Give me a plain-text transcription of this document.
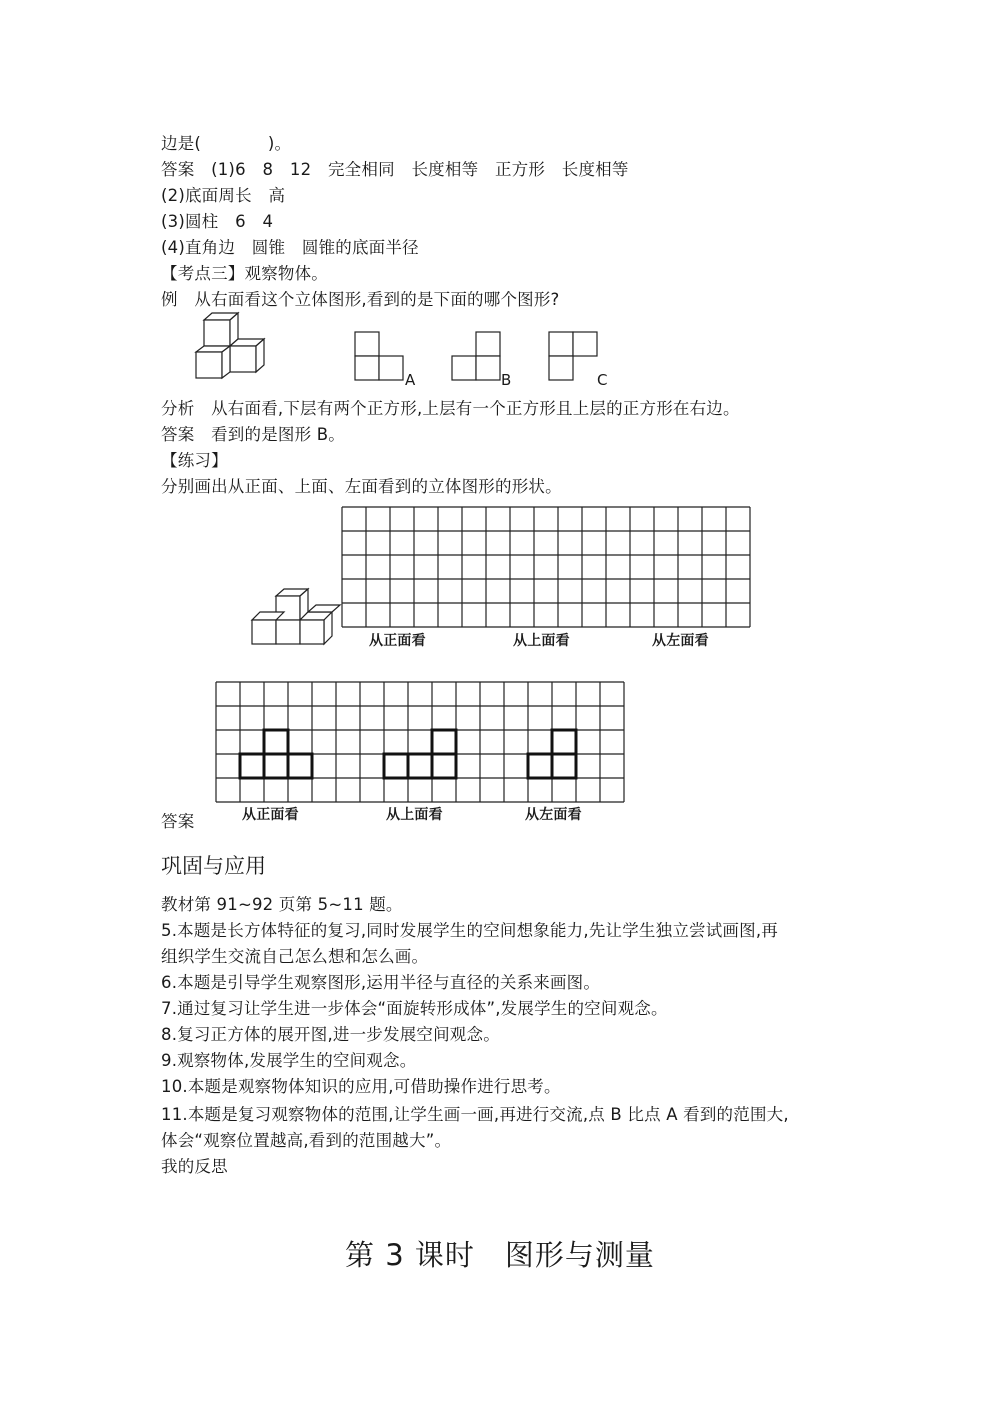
边是(　　　　)。
答案　(1)6　8　12　完全相同　长度相等　正方形　长度相等
(2)底面周长　高
(3)圆柱　6　4
(4)直角边　圆锥　圆锥的底面半径
【考点三】观察物体。
例　从右面看这个立体图形,看到的是下面的哪个图形?
A	B	C
分析　从右面看,下层有两个正方形,上层有一个正方形且上层的正方形在右边。
答案　看到的是图形 B。
【练习】
分别画出从正面、上面、左面看到的立体图形的形状。
从正面看	从上面看	从左面看
答案	从正面看	从上面看	从左面看
巩固与应用
教材第 91~92 页第 5~11 题。
5.本题是长方体特征的复习,同时发展学生的空间想象能力,先让学生独立尝试画图,再
组织学生交流自己怎么想和怎么画。
6.本题是引导学生观察图形,运用半径与直径的关系来画图。
7.通过复习让学生进一步体会“面旋转形成体”,发展学生的空间观念。
8.复习正方体的展开图,进一步发展空间观念。
9.观察物体,发展学生的空间观念。
10.本题是观察物体知识的应用,可借助操作进行思考。
11.本题是复习观察物体的范围,让学生画一画,再进行交流,点 B 比点 A 看到的范围大,
体会“观察位置越高,看到的范围越大”。
我的反思
第 3 课时　图形与测量
